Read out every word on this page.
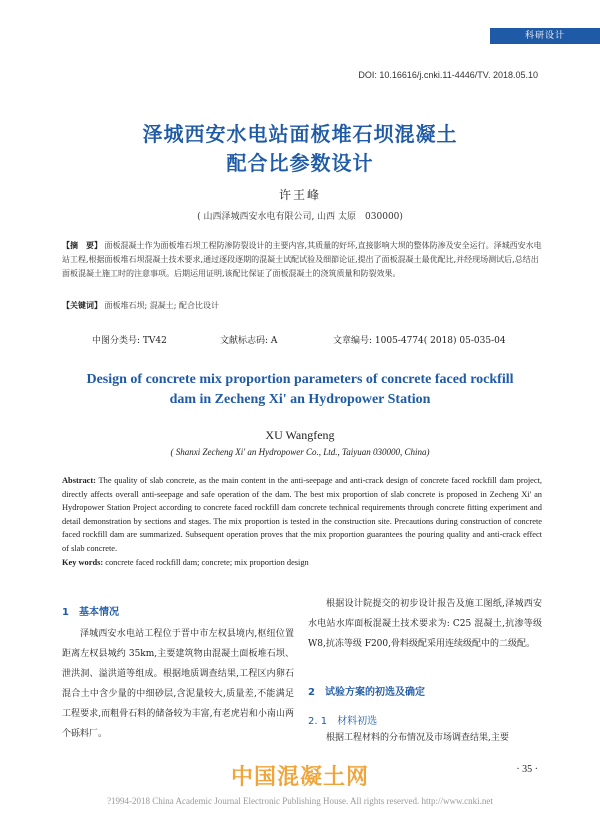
科研设计
DOI: 10.16616/j.cnki.11-4446/TV. 2018.05.10
泽城西安水电站面板堆石坝混凝土
配合比参数设计
许王峰
( 山西泽城西安水电有限公司, 山西 太原　030000)
【摘　要】 面板混凝土作为面板堆石坝工程防渗防裂设计的主要内容,其质量的好坏,直接影响大坝的整体防渗及安全运行。泽城西安水电站工程,根据面板堆石坝混凝土技术要求,通过逐段逐期的混凝土试配试验及细節论证,提出了面板混凝土最优配比,并经现场测试后,总结出面板混凝土施工时的注意事项。后期运用证明,该配比保证了面板混凝土的浇筑质量和防裂效果。
【关键词】 面板堆石坝; 混凝土; 配合比设计
中图分类号: TV42	文献标志码: A	文章编号: 1005-4774( 2018) 05-035-04
Design of concrete mix proportion parameters of concrete faced rockfill
dam in Zecheng Xi' an Hydropower Station
XU Wangfeng
( Shanxi Zecheng Xi' an Hydropower Co., Ltd., Taiyuan 030000, China)
Abstract: The quality of slab concrete, as the main content in the anti-seepage and anti-crack design of concrete faced rockfill dam project, directly affects overall anti-seepage and safe operation of the dam. The best mix proportion of slab concrete is proposed in Zecheng Xi' an Hydropower Station Project according to concrete faced rockfill dam concrete technical requirements through concrete fitting experiment and detail demonstration by sections and stages. The mix proportion is tested in the construction site. Precautions during construction of concrete faced rockfill dam are summarized. Subsequent operation proves that the mix proportion guarantees the pouring quality and anti-crack effect of slab concrete.
Key words: concrete faced rockfill dam; concrete; mix proportion design
1　基本情况
泽城西安水电站工程位于晋中市左权县境内,枢纽位置距离左权县城约 35km,主要建筑物由混凝土面板堆石坝、泄洪洞、溢洪道等组成。根据地质调查结果,工程区内卵石混合土中含少量的中细砂层,含泥量较大,质量差,不能满足工程要求,而粗骨石料的储备较为丰富,有老虎岩和小南山两个砾料厂。
根据设计院提交的初步设计报告及施工图纸,泽城西安水电站水库面板混凝土技术要求为: C25 混凝土,抗渗等级 W8,抗冻等级 F200,骨料级配采用连续级配中的二级配。
2　试验方案的初选及确定
2. 1　材料初选
根据工程材料的分布情况及市场调查结果,主要
· 35 ·
中国混凝土网
?1994-2018 China Academic Journal Electronic Publishing House. All rights reserved. http://www.cnki.net
